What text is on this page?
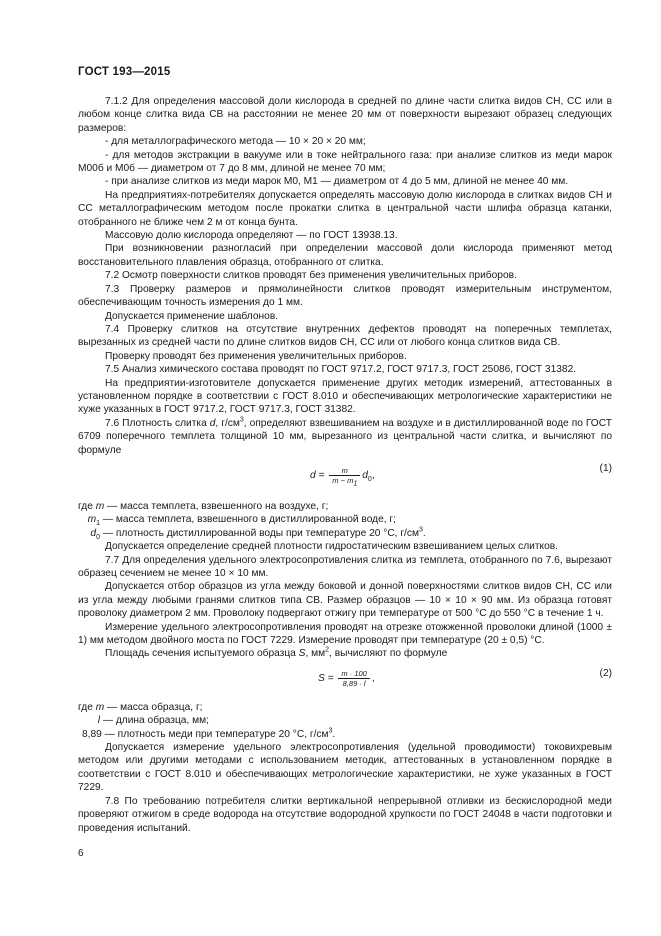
ГОСТ 193—2015

7.1.2 Для определения массовой доли кислорода в средней по длине части слитка видов СН, СС или в любом конце слитка вида СВ на расстоянии не менее 20 мм от поверхности вырезают образец следующих размеров:

- для металлографического метода — 10 × 20 × 20 мм;

- для методов экстракции в вакууме или в токе нейтрального газа: при анализе слитков из меди марок М00б и М0б — диаметром от 7 до 8 мм, длиной не менее 70 мм;

- при анализе слитков из меди марок М0, М1 — диаметром от 4 до 5 мм, длиной не менее 40 мм.

На предприятиях-потребителях допускается определять массовую долю кислорода в слитках видов СН и СС металлографическим методом после прокатки слитка в центральной части шлифа образца катанки, отобранного не ближе чем 2 м от конца бунта.

Массовую долю кислорода определяют — по ГОСТ 13938.13.

При возникновении разногласий при определении массовой доли кислорода применяют метод восстановительного плавления образца, отобранного от слитка.

7.2 Осмотр поверхности слитков проводят без применения увеличительных приборов.

7.3 Проверку размеров и прямолинейности слитков проводят измерительным инструментом, обеспечивающим точность измерения до 1 мм.

Допускается применение шаблонов.

7.4 Проверку слитков на отсутствие внутренних дефектов проводят на поперечных темплетах, вырезанных из средней части по длине слитков видов СН, СС или от любого конца слитков вида СВ.

Проверку проводят без применения увеличительных приборов.

7.5 Анализ химического состава проводят по ГОСТ 9717.2, ГОСТ 9717.3, ГОСТ 25086, ГОСТ 31382.

На предприятии-изготовителе допускается применение других методик измерений, аттестованных в установленном порядке в соответствии с ГОСТ 8.010 и обеспечивающих метрологические характеристики не хуже указанных в ГОСТ 9717.2, ГОСТ 9717.3, ГОСТ 31382.

7.6 Плотность слитка d, $г/см^3$, определяют взвешиванием на воздухе и в дистиллированной воде по ГОСТ 6709 поперечного темплета толщиной 10 мм, вырезанного из центральной части слитка, и вычисляют по формуле

$d = \frac{m}{m - m_1} d_0$,
(1)

где m — масса темплета, взвешенного на воздухе, г;

$m_1$ — масса темплета, взвешенного в дистиллированной воде, г;

$d_0$ — плотность дистиллированной воды при температуре 20 °С, $г/см^3$.

Допускается определение средней плотности гидростатическим взвешиванием целых слитков.

7.7 Для определения удельного электросопротивления слитка из темплета, отобранного по 7.6, вырезают образец сечением не менее 10 × 10 мм.

Допускается отбор образцов из угла между боковой и донной поверхностями слитков видов СН, СС или из угла между любыми гранями слитков типа СВ. Размер образцов — 10 × 10 × 90 мм. Из образца готовят проволоку диаметром 2 мм. Проволоку подвергают отжигу при температуре от 500 °С до 550 °С в течение 1 ч.

Измерение удельного электросопротивления проводят на отрезке отожженной проволоки длиной (1000 ± 1) мм методом двойного моста по ГОСТ 7229. Измерение проводят при температуре (20 ± 0,5) °С.

Площадь сечения испытуемого образца S, $мм^2$, вычисляют по формуле

$S = \frac{m \cdot 100}{8,89 \cdot l}$ ,	(2)

где m — масса образца, г;

l — длина образца, мм;

8,89 — плотность меди при температуре 20 °С, $г/см^3$.

Допускается измерение удельного электросопротивления (удельной проводимости) токовихревым методом или другими методами с использованием методик, аттестованных в установленном порядке в соответствии с ГОСТ 8.010 и обеспечивающих метрологические характеристики, не хуже указанных в ГОСТ 7229.

7.8 По требованию потребителя слитки вертикальной непрерывной отливки из бескислородной меди проверяют отжигом в среде водорода на отсутствие водородной хрупкости по ГОСТ 24048 в части подготовки и проведения испытаний.

6
